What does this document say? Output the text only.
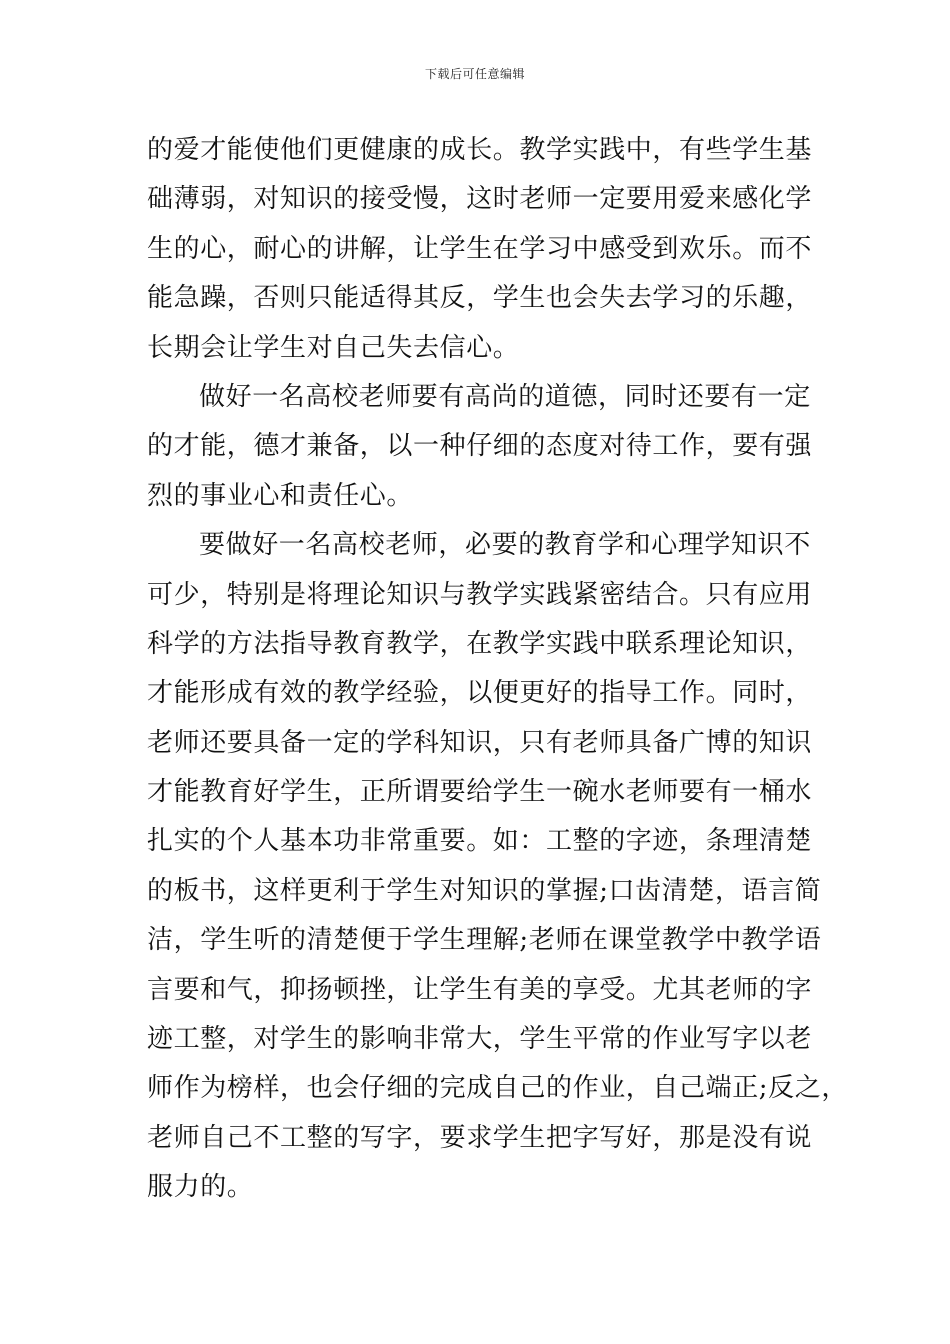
下载后可任意编辑
的爱才能使他们更健康的成长。教学实践中，有些学生基
础薄弱，对知识的接受慢，这时老师一定要用爱来感化学
生的心，耐心的讲解，让学生在学习中感受到欢乐。而不
能急躁，否则只能适得其反，学生也会失去学习的乐趣，
长期会让学生对自己失去信心。
做好一名高校老师要有高尚的道德，同时还要有一定
的才能，德才兼备，以一种仔细的态度对待工作，要有强
烈的事业心和责任心。
要做好一名高校老师，必要的教育学和心理学知识不
可少，特别是将理论知识与教学实践紧密结合。只有应用
科学的方法指导教育教学，在教学实践中联系理论知识，
才能形成有效的教学经验，以便更好的指导工作。同时，
老师还要具备一定的学科知识，只有老师具备广博的知识
才能教育好学生，正所谓要给学生一碗水老师要有一桶水
扎实的个人基本功非常重要。如：工整的字迹，条理清楚
的板书，这样更利于学生对知识的掌握;口齿清楚，语言简
洁，学生听的清楚便于学生理解;老师在课堂教学中教学语
言要和气，抑扬顿挫，让学生有美的享受。尤其老师的字
迹工整，对学生的影响非常大，学生平常的作业写字以老
师作为榜样，也会仔细的完成自己的作业，自己端正;反之，
老师自己不工整的写字，要求学生把字写好，那是没有说
服力的。
